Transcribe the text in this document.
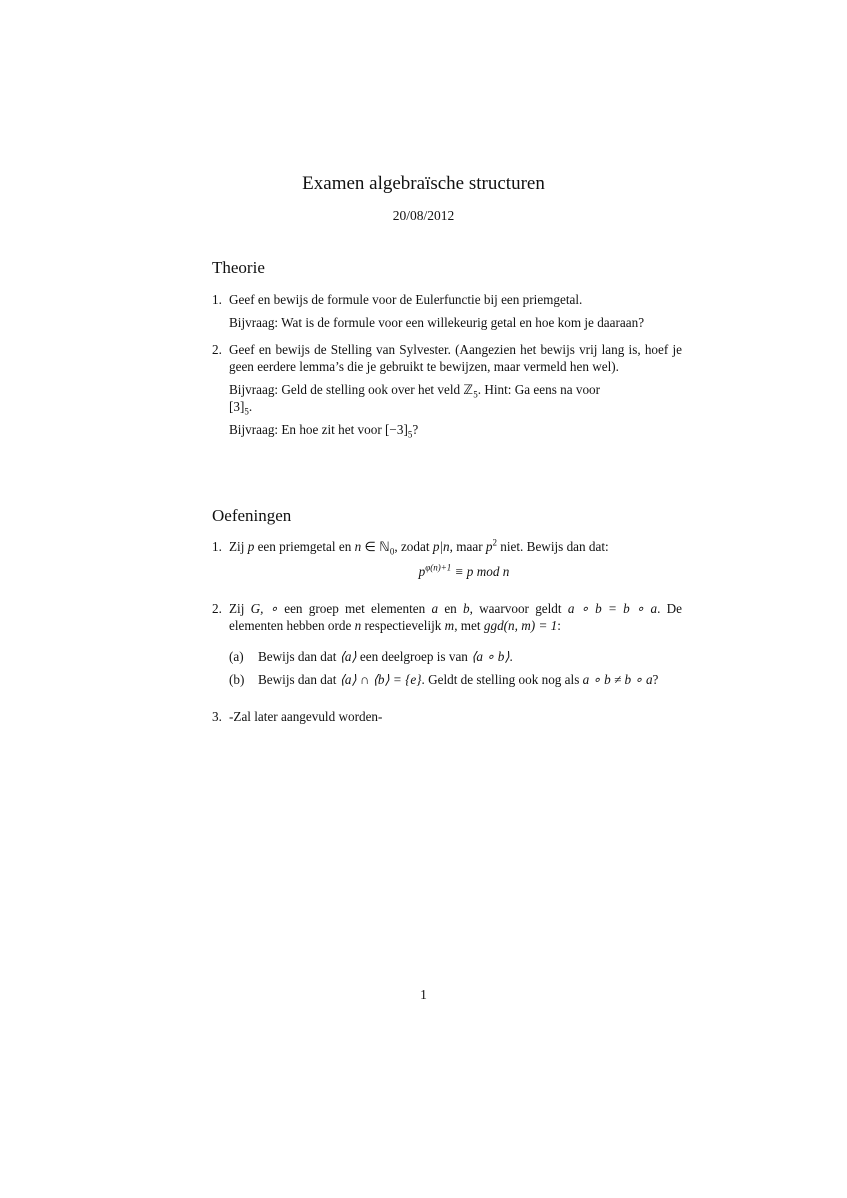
Examen algebraïsche structuren
20/08/2012
Theorie
1. Geef en bewijs de formule voor de Eulerfunctie bij een priemgetal.
Bijvraag: Wat is de formule voor een willekeurig getal en hoe kom je daaraan?
2. Geef en bewijs de Stelling van Sylvester. (Aangezien het bewijs vrij lang is, hoef je geen eerdere lemma’s die je gebruikt te bewijzen, maar vermeld hen wel).
Bijvraag: Geld de stelling ook over het veld ℤ$_5$. Hint: Ga eens na voor
$[3]_5$.
Bijvraag: En hoe zit het voor $[-3]_5$?
Oefeningen
1. Zij p een priemgetal en n ∈ ℕ$_0$, zodat p|n, maar $p^2$ niet. Bewijs dan dat:
$p^{\varphi(n)+1} \equiv p$ mod n
2. Zij G, ∘ een groep met elementen a en b, waarvoor geldt a ∘ b = b ∘ a. De elementen hebben orde n respectievelijk m, met ggd(n, m) = 1:
(a) Bewijs dan dat ⟨a⟩ een deelgroep is van ⟨a ∘ b⟩.
(b) Bewijs dan dat ⟨a⟩ ∩ ⟨b⟩ = {e}. Geldt de stelling ook nog als a ∘ b ≠ b ∘ a?
3. -Zal later aangevuld worden-
1
